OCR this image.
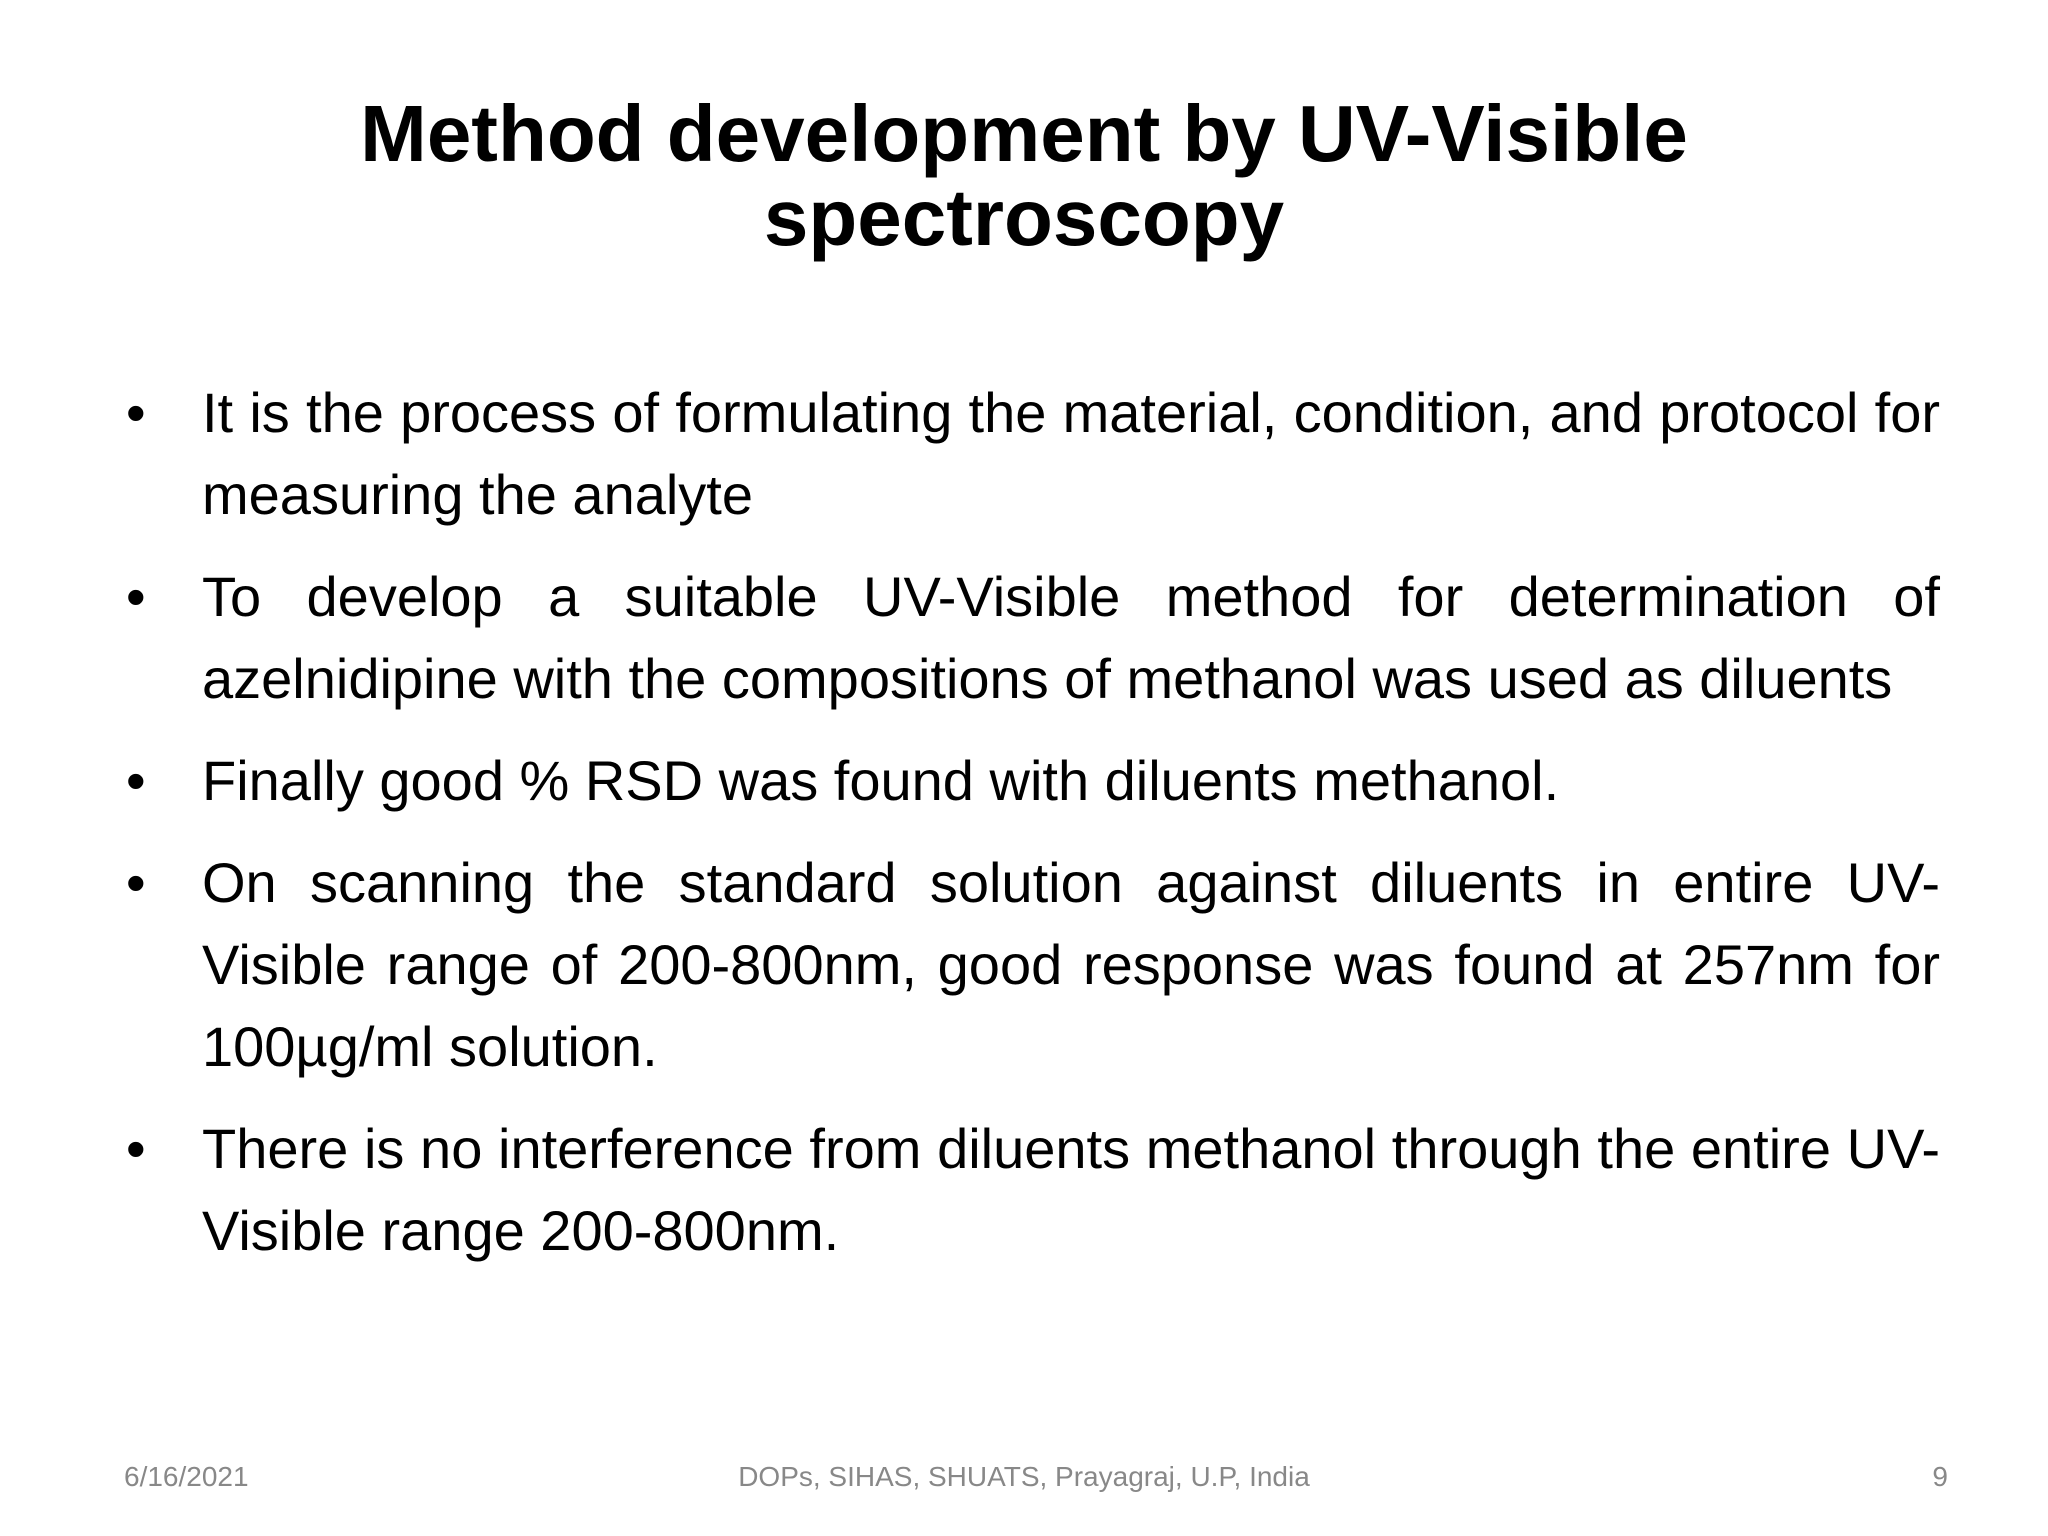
Method development by UV-Visible
spectroscopy
• It is the process of formulating the material, condition, and protocol for measuring the analyte
• To develop a suitable UV-Visible method for determination of azelnidipine with the compositions of methanol was used as diluents
• Finally good % RSD was found with diluents methanol.
• On scanning the standard solution against diluents in entire UV-Visible range of 200-800nm, good response was found at 257nm for 100µg/ml solution.
• There is no interference from diluents methanol through the entire UV-Visible range 200-800nm.
6/16/2021	DOPs, SIHAS, SHUATS, Prayagraj, U.P, India	9
